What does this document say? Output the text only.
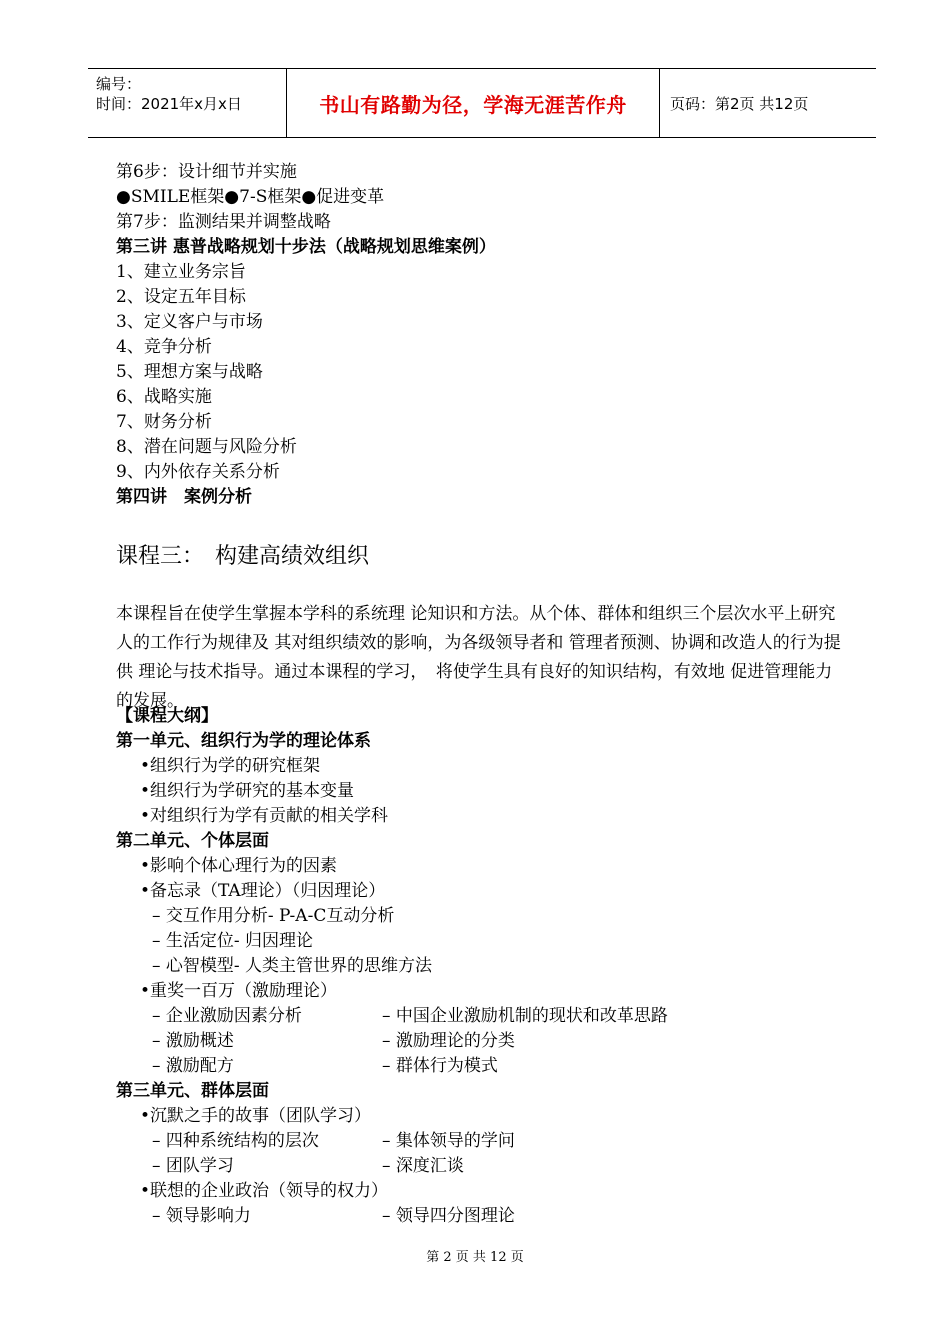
编号：
时间：2021年x月x日	书山有路勤为径，学海无涯苦作舟	页码：第2页 共12页
第6步：设计细节并实施
●SMILE框架●7-S框架●促进变革
第7步：监测结果并调整战略
第三讲 惠普战略规划十步法（战略规划思维案例）
1、建立业务宗旨
2、设定五年目标
3、定义客户与市场
4、竞争分析
5、理想方案与战略
6、战略实施
7、财务分析
8、潜在问题与风险分析
9、内外依存关系分析
第四讲　案例分析
课程三：　构建高绩效组织
本课程旨在使学生掌握本学科的系统理 论知识和方法。从个体、群体和组织三个层次水平上研究人的工作行为规律及 其对组织绩效的影响，为各级领导者和 管理者预测、协调和改造人的行为提供 理论与技术指导。通过本课程的学习，　将使学生具有良好的知识结构，有效地 促进管理能力的发展。
【课程大纲】
第一单元、组织行为学的理论体系
•组织行为学的研究框架
•组织行为学研究的基本变量
•对组织行为学有贡献的相关学科
第二单元、个体层面
•影响个体心理行为的因素
•备忘录（TA理论）（归因理论）
– 交互作用分析- P-A-C互动分析
– 生活定位- 归因理论
– 心智模型- 人类主管世界的思维方法
•重奖一百万（激励理论）
– 企业激励因素分析	– 中国企业激励机制的现状和改革思路
– 激励概述	– 激励理论的分类
– 激励配方	– 群体行为模式
第三单元、群体层面
•沉默之手的故事（团队学习）
– 四种系统结构的层次	– 集体领导的学问
– 团队学习	– 深度汇谈
•联想的企业政治（领导的权力）
– 领导影响力	– 领导四分图理论
第 2 页 共 12 页
